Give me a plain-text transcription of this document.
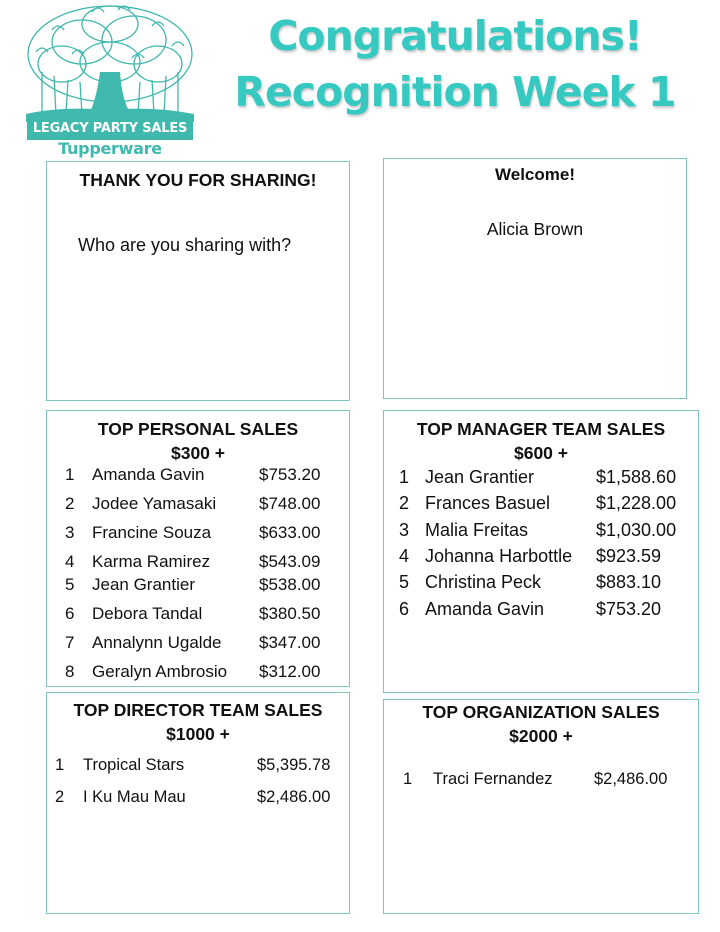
LEGACY PARTY SALES
Tupperware
Congratulations!
Recognition Week 1
THANK YOU FOR SHARING!
Who are you sharing with?
Welcome!
Alicia Brown
TOP PERSONAL SALES
$300 +
1 Amanda Gavin	$753.20
2 Jodee Yamasaki	$748.00
3 Francine Souza	$633.00
4 Karma Ramirez	$543.09
5 Jean Grantier	$538.00
6 Debora Tandal	$380.50
7 Annalynn Ugalde $347.00
8 Geralyn Ambrosio $312.00
TOP MANAGER TEAM SALES
$600 +
1 Jean Grantier	$1,588.60
2 Frances Basuel	$1,228.00
3 Malia Freitas	$1,030.00
4 Johanna Harbottle $923.59
5 Christina Peck	$883.10
6 Amanda Gavin	$753.20
TOP DIRECTOR TEAM SALES
$1000 +
1 Tropical Stars	$5,395.78
2 I Ku Mau Mau	$2,486.00
TOP ORGANIZATION SALES
$2000 +
1 Traci Fernandez	$2,486.00
